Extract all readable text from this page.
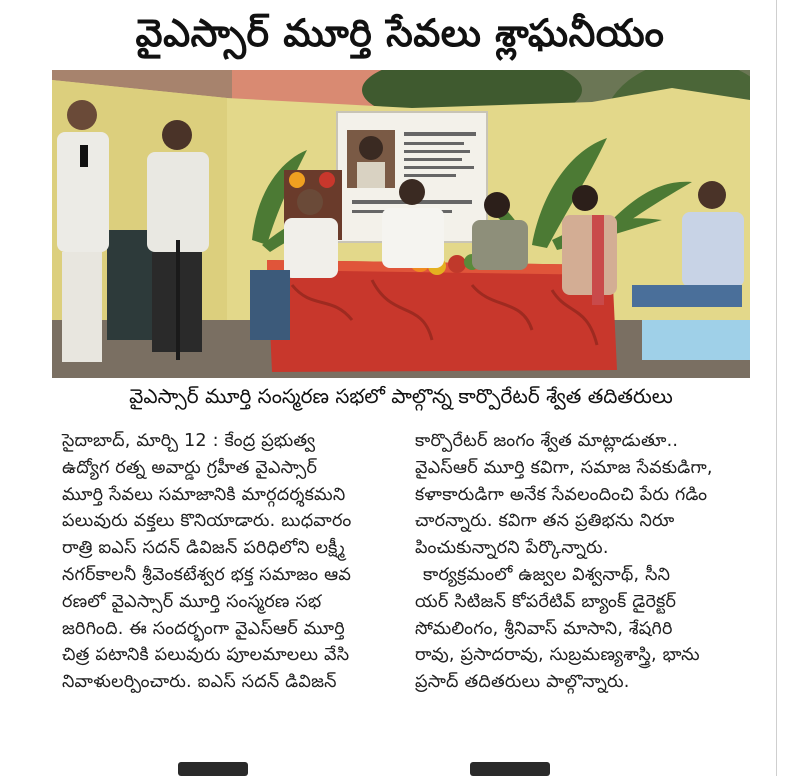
వైఎస్సార్ మూర్తి సేవలు శ్లాఘనీయం
వైఎస్సార్ మూర్తి సంస్మరణ సభలో పాల్గొన్న కార్పొరేటర్ శ్వేత తదితరులు

సైదాబాద్, మార్చి 12 : కేంద్ర ప్రభుత్వ

ఉద్యోగ రత్న అవార్డు గ్రహీత వైఎస్సార్

మూర్తి సేవలు సమాజానికి మార్గదర్శకమని

పలువురు వక్తలు కొనియాడారు. బుధవారం

రాత్రి ఐఎస్ సదన్ డివిజన్ పరిధిలోని లక్ష్మీ

నగర్‌కాలనీ శ్రీవెంకటేశ్వర భక్త సమాజం ఆవ

రణలో వైఎస్సార్ మూర్తి సంస్మరణ సభ

జరిగింది. ఈ సందర్భంగా వైఎస్ఆర్ మూర్తి

చిత్ర పటానికి పలువురు పూలమాలలు వేసి

నివాళులర్పించారు. ఐఎస్ సదన్ డివిజన్

కార్పొరేటర్ జంగం శ్వేత మాట్లాడుతూ..

వైఎస్ఆర్ మూర్తి కవిగా, సమాజ సేవకుడిగా,

కళాకారుడిగా అనేక సేవలందించి పేరు గడిం

చారన్నారు. కవిగా తన ప్రతిభను నిరూ

పించుకున్నారని పేర్కొన్నారు.

కార్యక్రమంలో ఉజ్వల విశ్వనాథ్, సీని

యర్ సిటిజన్ కోపరేటివ్ బ్యాంక్ డైరెక్టర్

సోమలింగం, శ్రీనివాస్ మాసాని, శేషగిరి

రావు, ప్రసాదరావు, సుబ్రమణ్యశాస్త్రి, భాను

ప్రసాద్ తదితరులు పాల్గొన్నారు.
